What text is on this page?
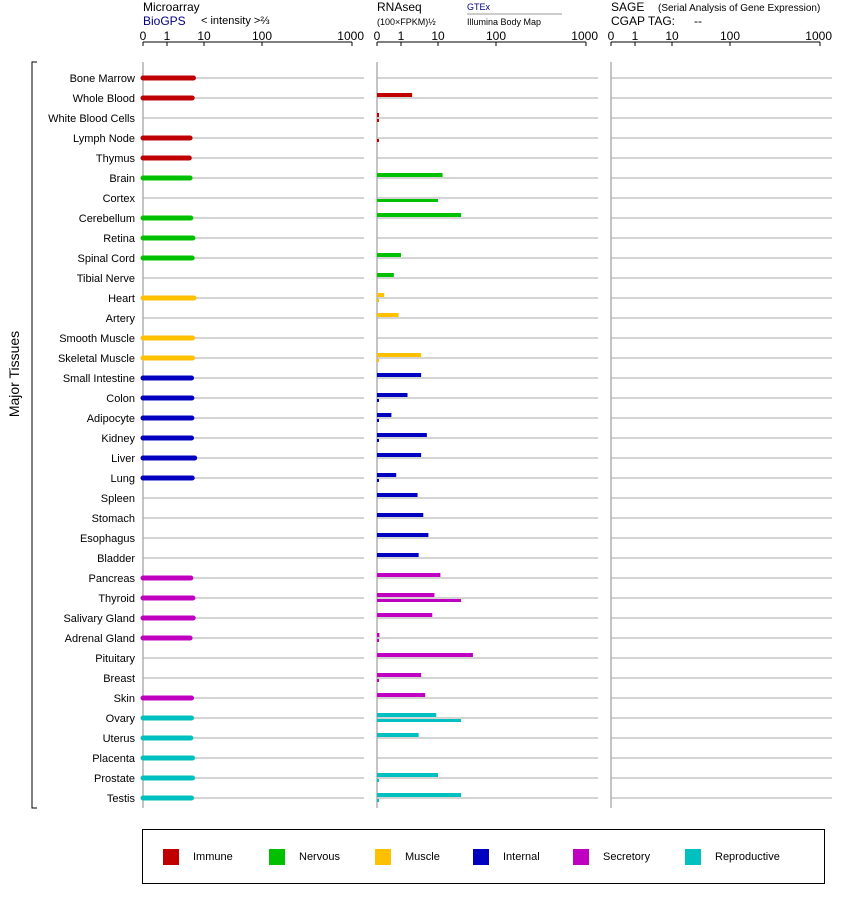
Microarray
BioGPS < intensity >⅔
RNAseq
(100×FPKM)½
GTEx
Illumina Body Map
SAGE (Serial Analysis of Gene Expression)
CGAP TAG: --
Major Tissues
0 1 10	100	1000 0 1 10	100	1000 0 1 10	100	1000
Bone Marrow
Whole Blood
White Blood Cells
Lymph Node
Thymus
Brain
Cortex
Cerebellum
Retina
Spinal Cord
Tibial Nerve
Heart
Artery
Smooth Muscle
Skeletal Muscle
Small Intestine
Colon
Adipocyte
Kidney
Liver
Lung
Spleen
Stomach
Esophagus
Bladder
Pancreas
Thyroid
Salivary Gland
Adrenal Gland
Pituitary
Breast
Skin
Ovary
Uterus
Placenta
Prostate
Testis
Immune	Nervous	Muscle	Internal	Secretory	Reproductive
